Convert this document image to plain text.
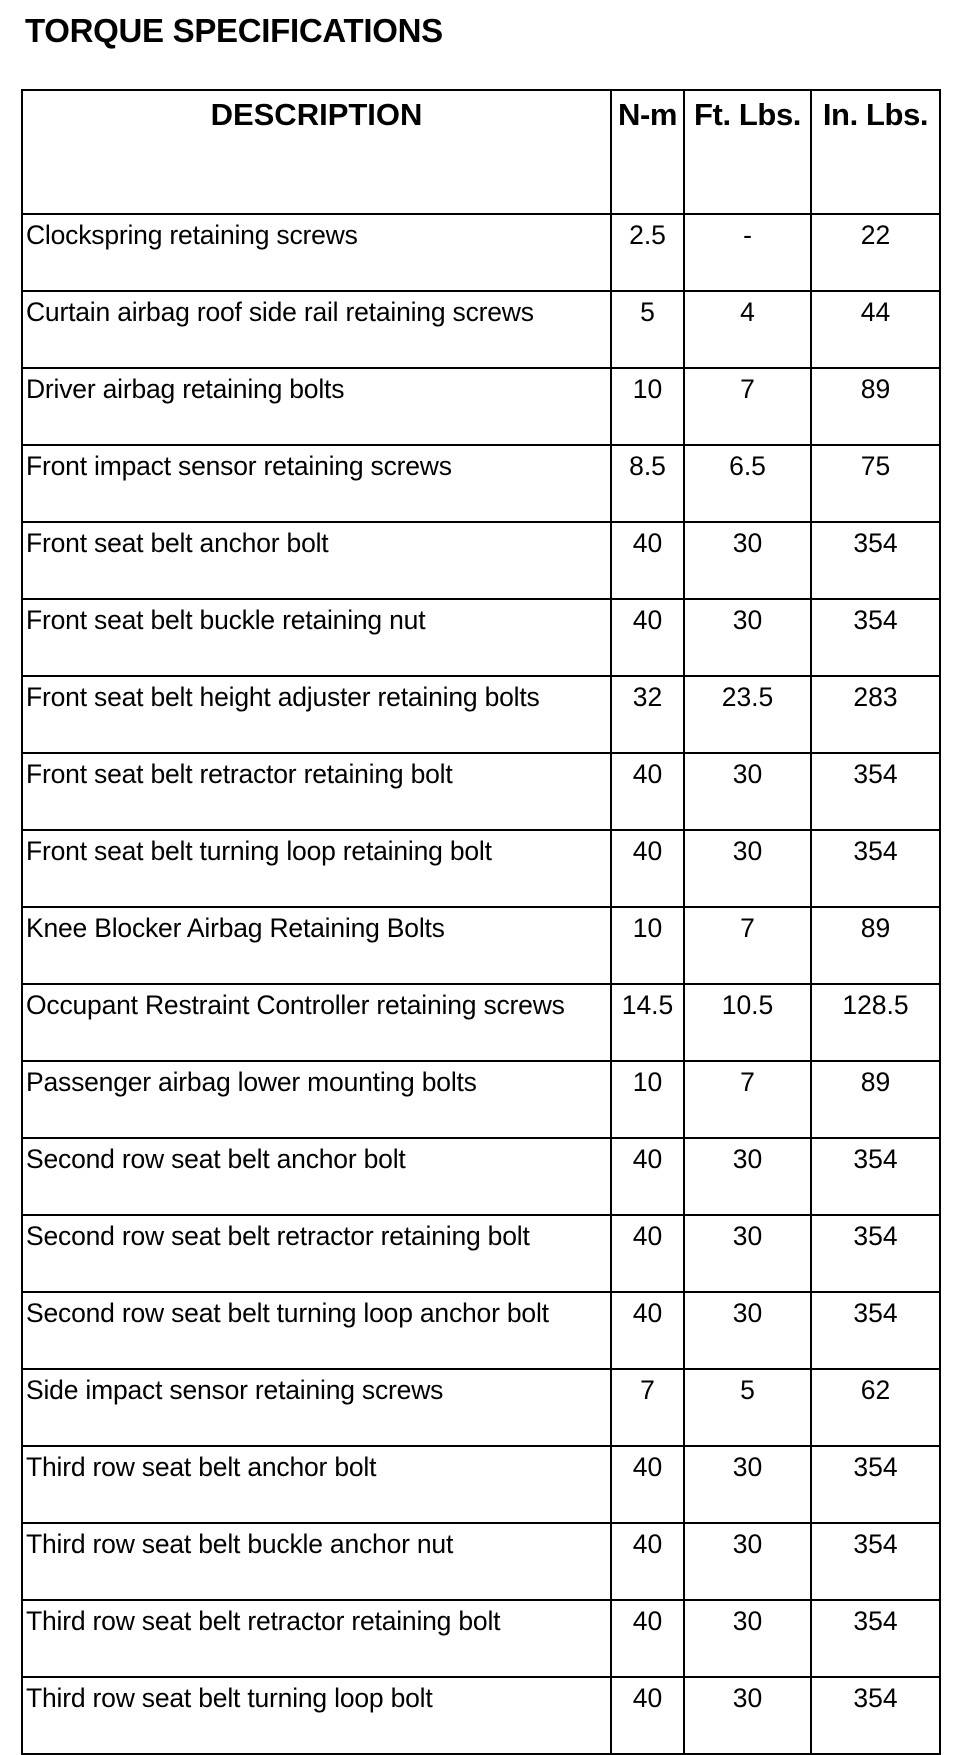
TORQUE SPECIFICATIONS
DESCRIPTION	N-m	Ft. Lbs.	In. Lbs.
Clockspring retaining screws	2.5	-	22
Curtain airbag roof side rail retaining screws	5	4	44
Driver airbag retaining bolts	10	7	89
Front impact sensor retaining screws	8.5	6.5	75
Front seat belt anchor bolt	40	30	354
Front seat belt buckle retaining nut	40	30	354
Front seat belt height adjuster retaining bolts	32	23.5	283
Front seat belt retractor retaining bolt	40	30	354
Front seat belt turning loop retaining bolt	40	30	354
Knee Blocker Airbag Retaining Bolts	10	7	89
Occupant Restraint Controller retaining screws	14.5	10.5	128.5
Passenger airbag lower mounting bolts	10	7	89
Second row seat belt anchor bolt	40	30	354
Second row seat belt retractor retaining bolt	40	30	354
Second row seat belt turning loop anchor bolt	40	30	354
Side impact sensor retaining screws	7	5	62
Third row seat belt anchor bolt	40	30	354
Third row seat belt buckle anchor nut	40	30	354
Third row seat belt retractor retaining bolt	40	30	354
Third row seat belt turning loop bolt	40	30	354
